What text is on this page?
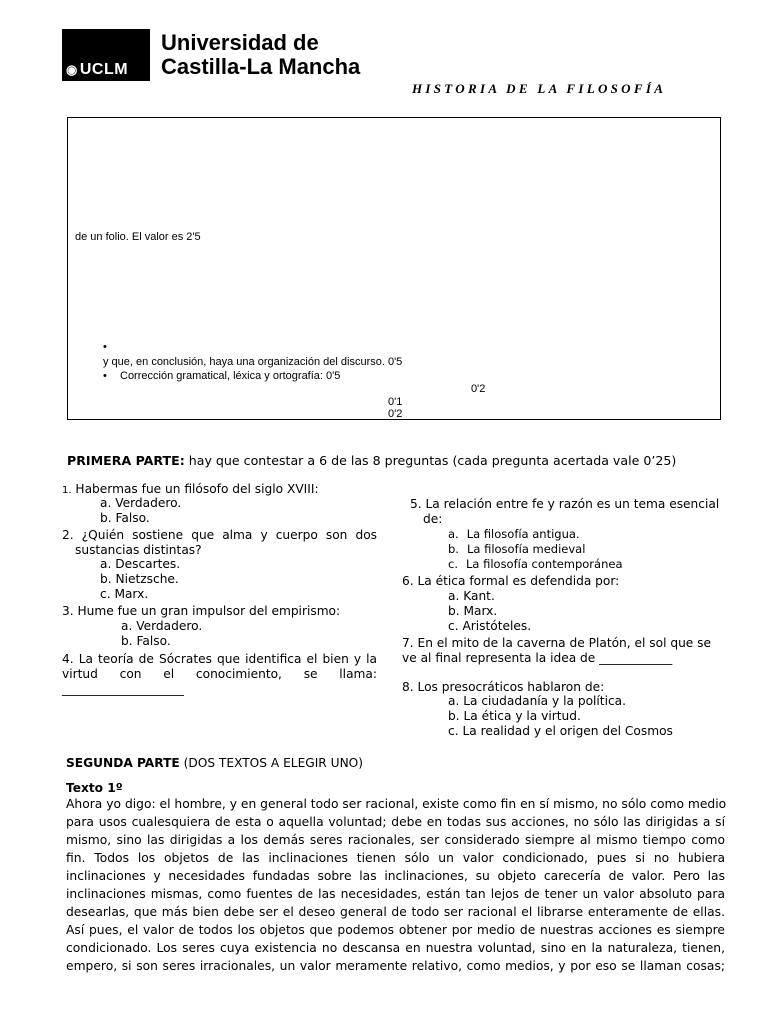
◉ UCLM
Universidad de
Castilla-La Mancha
HISTORIA DE LA FILOSOFÍA
de un folio. El valor es 2'5
•
y que, en conclusión, haya una organización del discurso. 0'5
• Corrección gramatical, léxica y ortografía: 0'5
0'2
0'1
0'2
PRIMERA PARTE: hay que contestar a 6 de las 8 preguntas (cada pregunta acertada vale 0’25)
1. Habermas fue un filósofo del siglo XVIII:
a. Verdadero.
b. Falso.
2. ¿Quién sostiene que alma y cuerpo son dos
sustancias distintas?
a. Descartes.
b. Nietzsche.
c. Marx.
3. Hume fue un gran impulsor del empirismo:
a. Verdadero.
b. Falso.
4. La teoría de Sócrates que identifica el bien y la
virtud con el conocimiento, se llama:
____________________
5. La relación entre fe y razón es un tema esencial
de:
a. La filosofía antigua.
b. La filosofía medieval
c. La filosofía contemporánea
6. La ética formal es defendida por:
a. Kant.
b. Marx.
c. Aristóteles.
7. En el mito de la caverna de Platón, el sol que se
ve al final representa la idea de ____________
8. Los presocráticos hablaron de:
a. La ciudadanía y la política.
b. La ética y la virtud.
c. La realidad y el origen del Cosmos
SEGUNDA PARTE (DOS TEXTOS A ELEGIR UNO)
Texto 1º
Ahora yo digo: el hombre, y en general todo ser racional, existe como fin en sí mismo, no sólo como medio
para usos cualesquiera de esta o aquella voluntad; debe en todas sus acciones, no sólo las dirigidas a sí
mismo, sino las dirigidas a los demás seres racionales, ser considerado siempre al mismo tiempo como
fin. Todos los objetos de las inclinaciones tienen sólo un valor condicionado, pues si no hubiera
inclinaciones y necesidades fundadas sobre las inclinaciones, su objeto carecería de valor. Pero las
inclinaciones mismas, como fuentes de las necesidades, están tan lejos de tener un valor absoluto para
desearlas, que más bien debe ser el deseo general de todo ser racional el librarse enteramente de ellas.
Así pues, el valor de todos los objetos que podemos obtener por medio de nuestras acciones es siempre
condicionado. Los seres cuya existencia no descansa en nuestra voluntad, sino en la naturaleza, tienen,
empero, si son seres irracionales, un valor meramente relativo, como medios, y por eso se llaman cosas;
